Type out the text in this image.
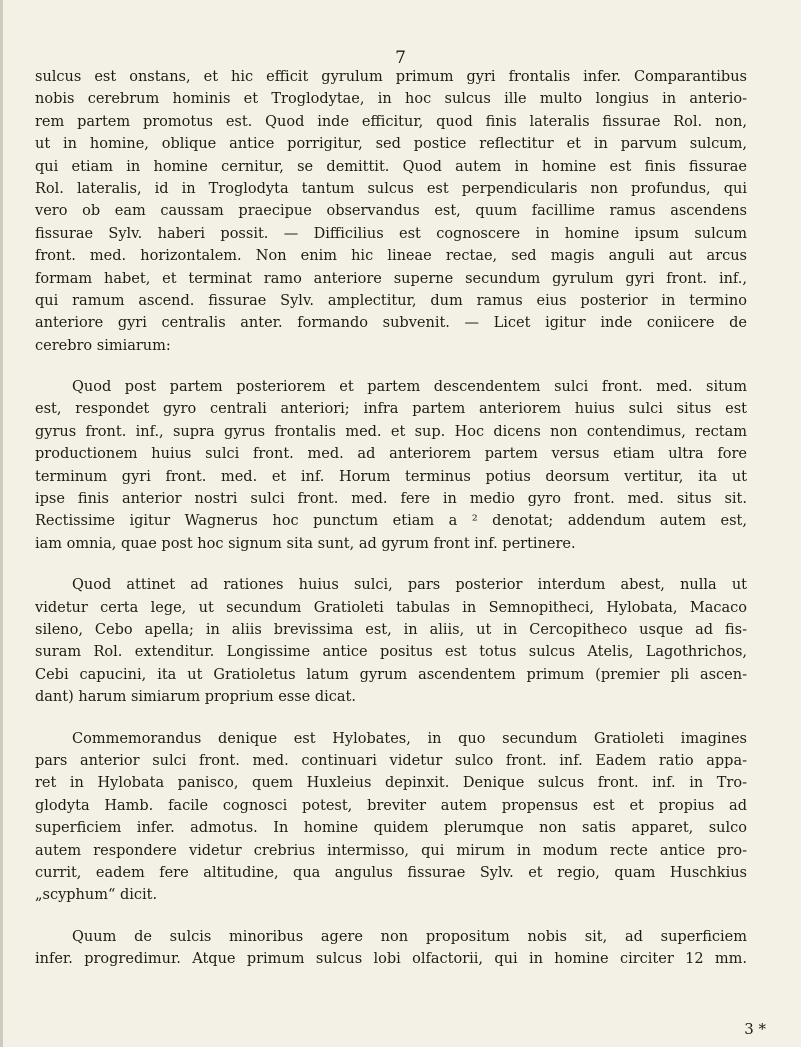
7
sulcus est onstans, et hic efficit gyrulum primum gyri frontalis infer. Comparantibus
nobis cerebrum hominis et Troglodytae, in hoc sulcus ille multo longius in anterio-
rem partem promotus est. Quod inde efficitur, quod finis lateralis fissurae Rol. non,
ut in homine, oblique antice porrigitur, sed postice reflectitur et in parvum sulcum,
qui etiam in homine cernitur, se demittit. Quod autem in homine est finis fissurae
Rol. lateralis, id in Troglodyta tantum sulcus est perpendicularis non profundus, qui
vero ob eam caussam praecipue observandus est, quum facillime ramus ascendens
fissurae Sylv. haberi possit. — Difficilius est cognoscere in homine ipsum sulcum
front. med. horizontalem. Non enim hic lineae rectae, sed magis anguli aut arcus
formam habet, et terminat ramo anteriore superne secundum gyrulum gyri front. inf.,
qui ramum ascend. fissurae Sylv. amplectitur, dum ramus eius posterior in termino
anteriore gyri centralis anter. formando subvenit. — Licet igitur inde coniicere de
cerebro simiarum:
Quod post partem posteriorem et partem descendentem sulci front. med. situm
est, respondet gyro centrali anteriori; infra partem anteriorem huius sulci situs est
gyrus front. inf., supra gyrus frontalis med. et sup. Hoc dicens non contendimus, rectam
productionem huius sulci front. med. ad anteriorem partem versus etiam ultra fore
terminum gyri front. med. et inf. Horum terminus potius deorsum vertitur, ita ut
ipse finis anterior nostri sulci front. med. fere in medio gyro front. med. situs sit.
Rectissime igitur Wagnerus hoc punctum etiam a ² denotat; addendum autem est,
iam omnia, quae post hoc signum sita sunt, ad gyrum front inf. pertinere.
Quod attinet ad rationes huius sulci, pars posterior interdum abest, nulla ut
videtur certa lege, ut secundum Gratioleti tabulas in Semnopitheci, Hylobata, Macaco
sileno, Cebo apella; in aliis brevissima est, in aliis, ut in Cercopitheco usque ad fis-
suram Rol. extenditur. Longissime antice positus est totus sulcus Atelis, Lagothrichos,
Cebi capucini, ita ut Gratioletus latum gyrum ascendentem primum (premier pli ascen-
dant) harum simiarum proprium esse dicat.
Commemorandus denique est Hylobates, in quo secundum Gratioleti imagines
pars anterior sulci front. med. continuari videtur sulco front. inf. Eadem ratio appa-
ret in Hylobata panisco, quem Huxleius depinxit. Denique sulcus front. inf. in Tro-
glodyta Hamb. facile cognosci potest, breviter autem propensus est et propius ad
superficiem infer. admotus. In homine quidem plerumque non satis apparet, sulco
autem respondere videtur crebrius intermisso, qui mirum in modum recte antice pro-
currit, eadem fere altitudine, qua angulus fissurae Sylv. et regio, quam Huschkius
„scyphum“ dicit.
Quum de sulcis minoribus agere non propositum nobis sit, ad superficiem
infer. progredimur. Atque primum sulcus lobi olfactorii, qui in homine circiter 12 mm.
3 *
